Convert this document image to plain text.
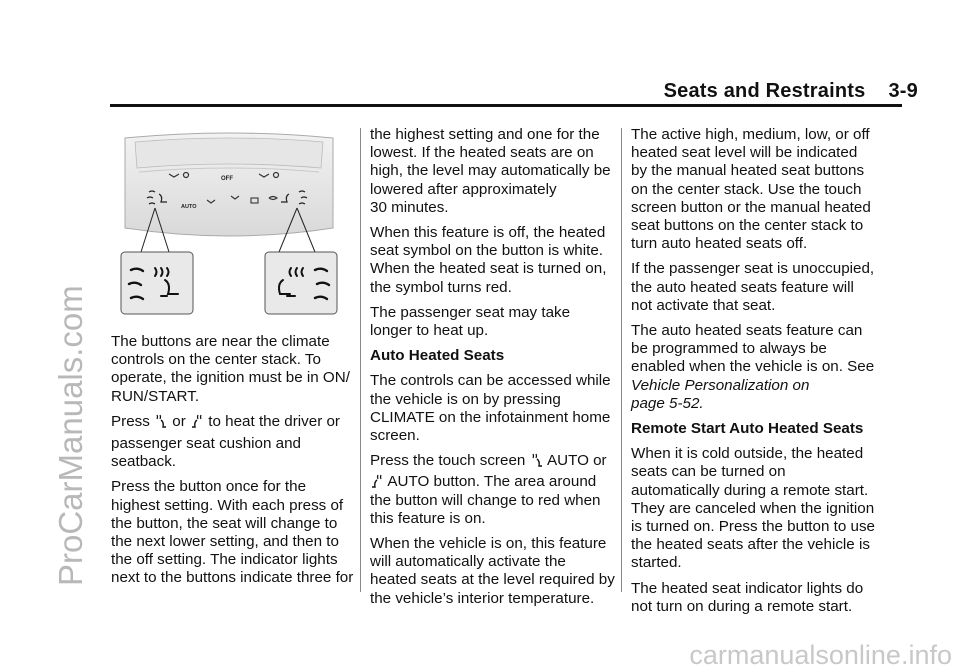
Seats and Restraints 3-9
OFF
AUTO

The buttons are near the climate
controls on the center stack. To
operate, the ignition must be in ON/
RUN/START.

Press or to heat the driver or
passenger seat cushion and
seatback.

Press the button once for the
highest setting. With each press of
the button, the seat will change to
the next lower setting, and then to
the off setting. The indicator lights
next to the buttons indicate three for

the highest setting and one for the
lowest. If the heated seats are on
high, the level may automatically be
lowered after approximately
30 minutes.

When this feature is off, the heated
seat symbol on the button is white.
When the heated seat is turned on,
the symbol turns red.

The passenger seat may take
longer to heat up.

Auto Heated Seats

The controls can be accessed while
the vehicle is on by pressing
CLIMATE on the infotainment home
screen.

Press the touch screen AUTO or
AUTO button. The area around
the button will change to red when
this feature is on.

When the vehicle is on, this feature
will automatically activate the
heated seats at the level required by
the vehicle’s interior temperature.

The active high, medium, low, or off
heated seat level will be indicated
by the manual heated seat buttons
on the center stack. Use the touch
screen button or the manual heated
seat buttons on the center stack to
turn auto heated seats off.

If the passenger seat is unoccupied,
the auto heated seats feature will
not activate that seat.

The auto heated seats feature can
be programmed to always be
enabled when the vehicle is on. See
Vehicle Personalization on
page 5-52.

Remote Start Auto Heated Seats

When it is cold outside, the heated
seats can be turned on
automatically during a remote start.
They are canceled when the ignition
is turned on. Press the button to use
the heated seats after the vehicle is
started.

The heated seat indicator lights do
not turn on during a remote start.

ProCarManuals.com
carmanualsonline.info
